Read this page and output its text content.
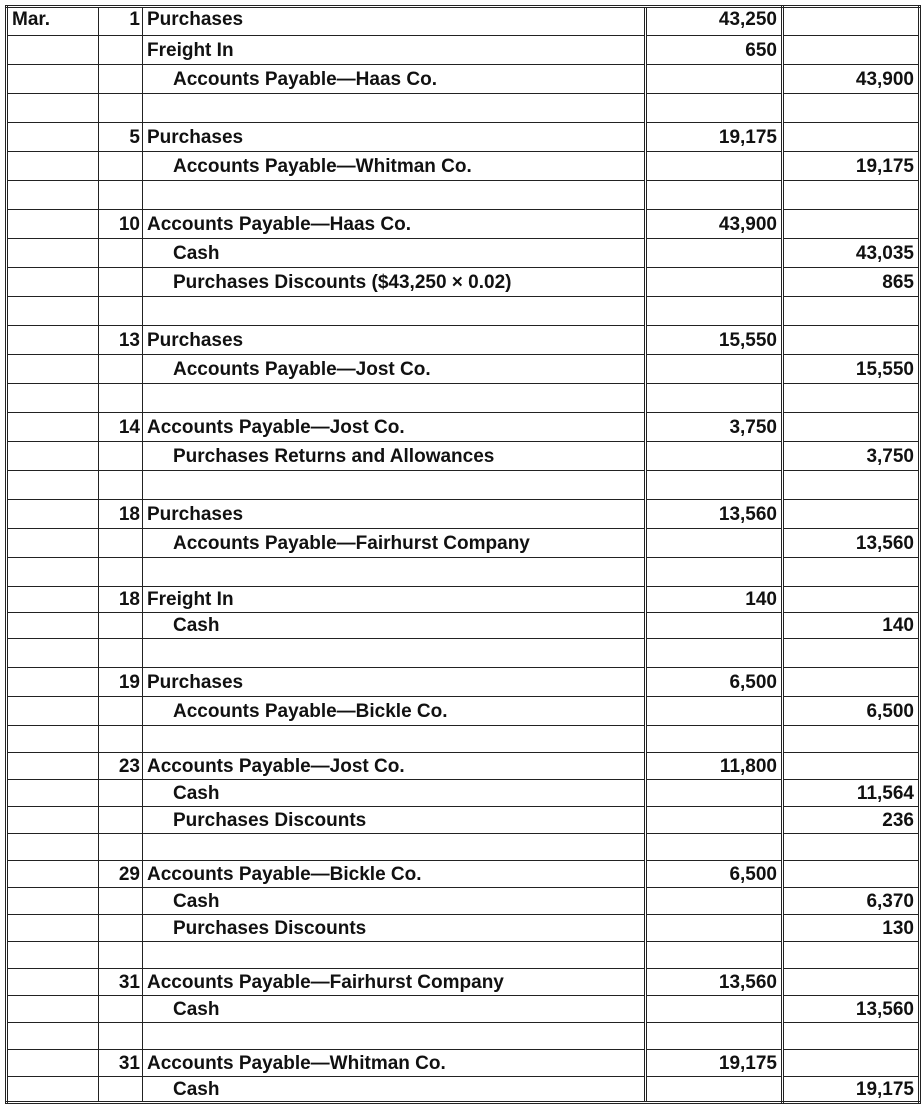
Mar.	1	Purchases	43,250	
		Freight In	650	
		Accounts Payable—Haas Co.		43,900

	5	Purchases	19,175	
		Accounts Payable—Whitman Co.		19,175

	10	Accounts Payable—Haas Co.	43,900	
		Cash		43,035
		Purchases Discounts ($43,250 × 0.02)		865

	13	Purchases	15,550	
		Accounts Payable—Jost Co.		15,550

	14	Accounts Payable—Jost Co.	3,750	
		Purchases Returns and Allowances		3,750

	18	Purchases	13,560	
		Accounts Payable—Fairhurst Company		13,560

	18	Freight In	140	
		Cash		140

	19	Purchases	6,500	
		Accounts Payable—Bickle Co.		6,500

	23	Accounts Payable—Jost Co.	11,800	
		Cash		11,564
		Purchases Discounts		236

	29	Accounts Payable—Bickle Co.	6,500	
		Cash		6,370
		Purchases Discounts		130

	31	Accounts Payable—Fairhurst Company	13,560	
		Cash		13,560

	31	Accounts Payable—Whitman Co.	19,175	
		Cash		19,175
